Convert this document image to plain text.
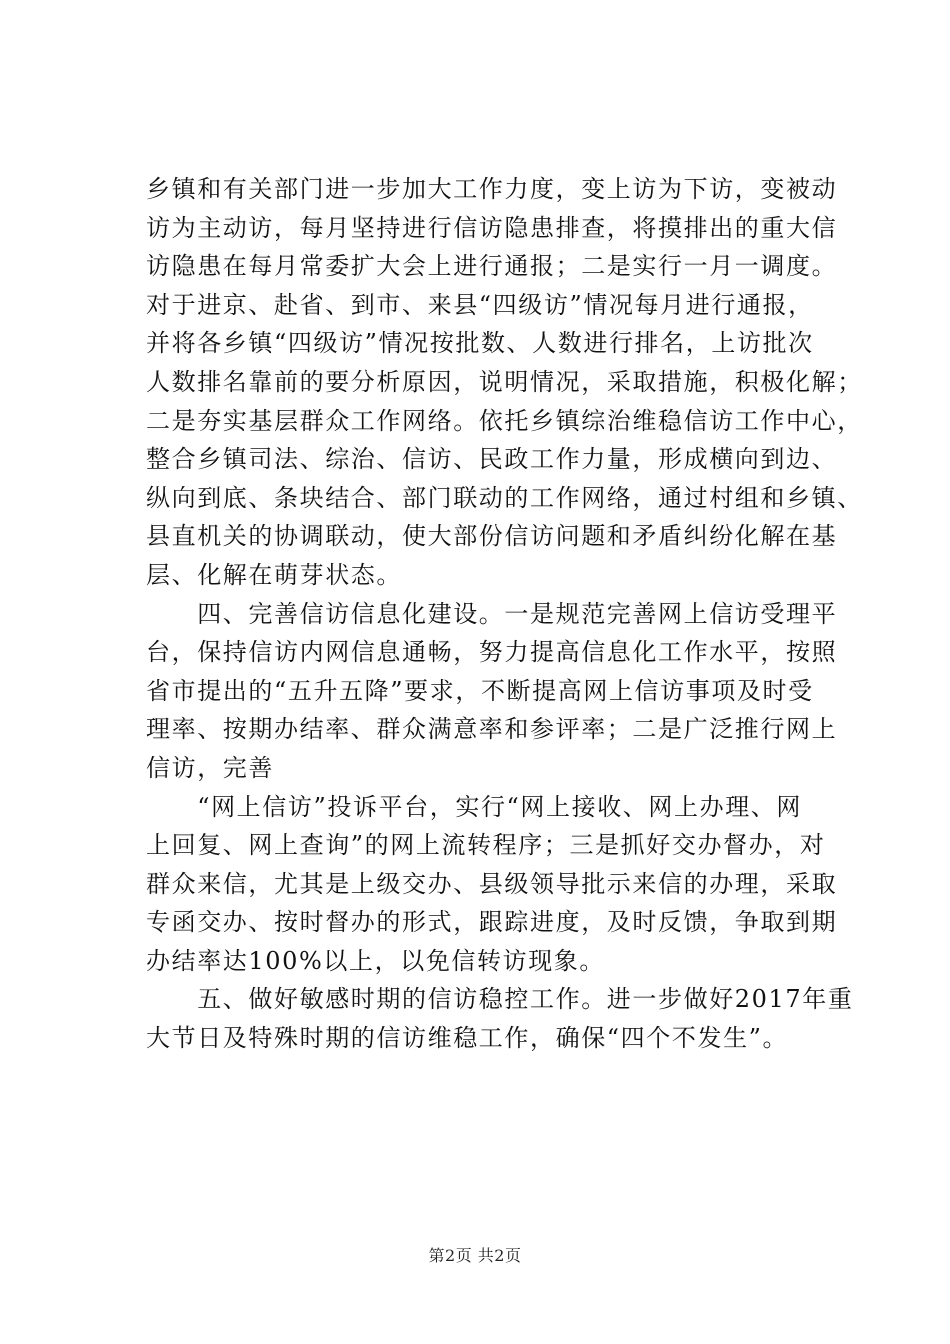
乡镇和有关部门进一步加大工作力度，变上访为下访，变被动
访为主动访，每月坚持进行信访隐患排查，将摸排出的重大信
访隐患在每月常委扩大会上进行通报；二是实行一月一调度。
对于进京、赴省、到市、来县“四级访”情况每月进行通报，
并将各乡镇“四级访”情况按批数、人数进行排名，上访批次
人数排名靠前的要分析原因，说明情况，采取措施，积极化解；
二是夯实基层群众工作网络。依托乡镇综治维稳信访工作中心，
整合乡镇司法、综治、信访、民政工作力量，形成横向到边、
纵向到底、条块结合、部门联动的工作网络，通过村组和乡镇、
县直机关的协调联动，使大部份信访问题和矛盾纠纷化解在基
层、化解在萌芽状态。
　　四、完善信访信息化建设。一是规范完善网上信访受理平
台，保持信访内网信息通畅，努力提高信息化工作水平，按照
省市提出的“五升五降”要求，不断提高网上信访事项及时受
理率、按期办结率、群众满意率和参评率；二是广泛推行网上
信访，完善
　　“网上信访”投诉平台，实行“网上接收、网上办理、网
上回复、网上查询”的网上流转程序；三是抓好交办督办，对
群众来信，尤其是上级交办、县级领导批示来信的办理，采取
专函交办、按时督办的形式，跟踪进度，及时反馈，争取到期
办结率达100%以上，以免信转访现象。
　　五、做好敏感时期的信访稳控工作。进一步做好2017年重
大节日及特殊时期的信访维稳工作，确保“四个不发生”。
第2页 共2页
